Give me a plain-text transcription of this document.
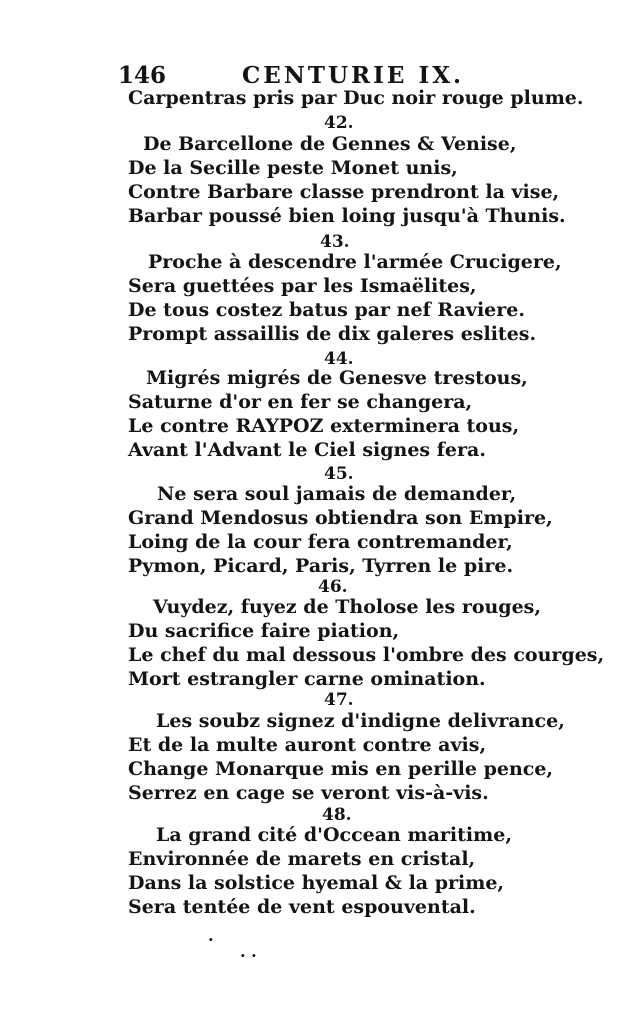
146	CENTURIE IX.
Carpentras pris par Duc noir rouge plume.
42.
De Barcellone de Gennes & Venise,
De la Secille peste Monet unis,
Contre Barbare classe prendront la vise,
Barbar poussé bien loing jusqu'à Thunis.
43.
Proche à descendre l'armée Crucigere,
Sera guettées par les Ismaëlites,
De tous costez batus par nef Raviere.
Prompt assaillis de dix galeres eslites.
44.
Migrés migrés de Genesve trestous,
Saturne d'or en fer se changera,
Le contre RAYPOZ exterminera tous,
Avant l'Advant le Ciel signes fera.
45.
Ne sera soul jamais de demander,
Grand Mendosus obtiendra son Empire,
Loing de la cour fera contremander,
Pymon, Picard, Paris, Tyrren le pire.
46.
Vuydez, fuyez de Tholose les rouges,
Du sacrifice faire piation,
Le chef du mal dessous l'ombre des courges,
Mort estrangler carne omination.
47.
Les soubz signez d'indigne delivrance,
Et de la multe auront contre avis,
Change Monarque mis en perille pence,
Serrez en cage se veront vis-à-vis.
48.
La grand cité d'Occean maritime,
Environnée de marets en cristal,
Dans la solstice hyemal & la prime,
Sera tentée de vent espouvental.
·
· ·
